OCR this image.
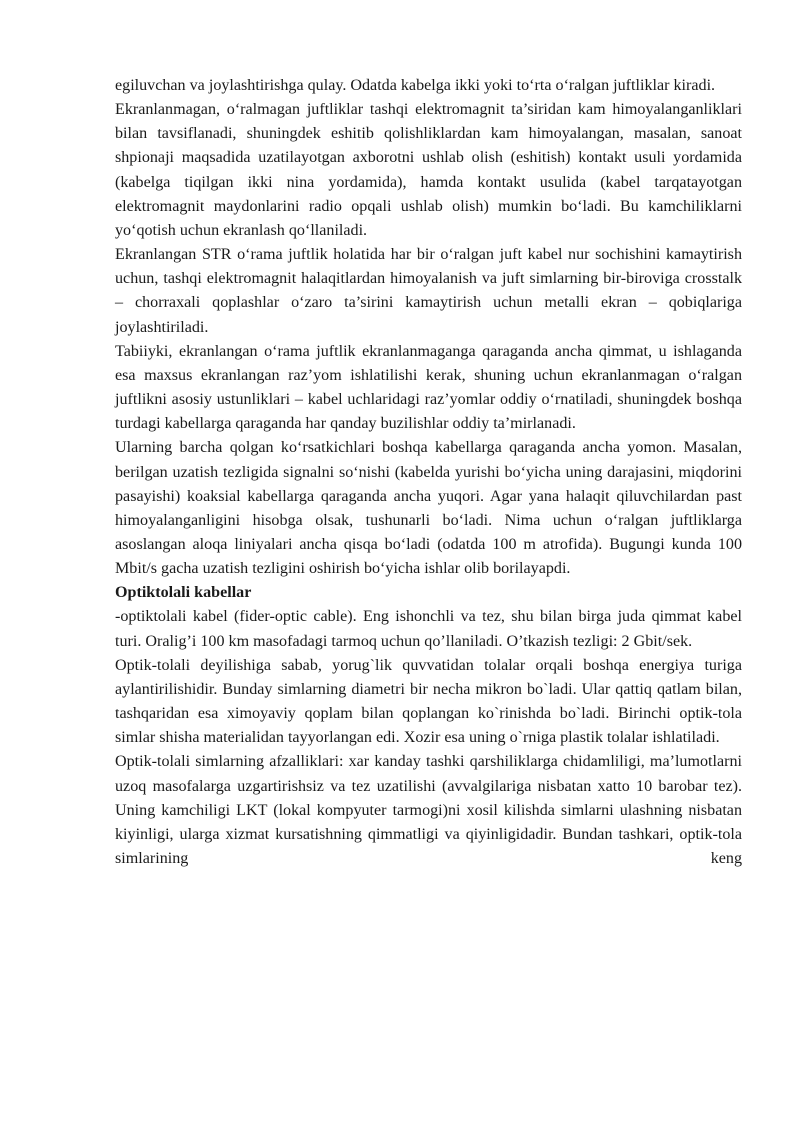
egiluvchan va joylashtirishga qulay. Odatda kabelga ikki yoki to‘rta o‘ralgan juftliklar kiradi.

Ekranlanmagan, o‘ralmagan juftliklar tashqi elektromagnit ta’siridan kam himoyalanganliklari bilan tavsiflanadi, shuningdek eshitib qolishliklardan kam himoyalangan, masalan, sanoat shpionaji maqsadida uzatilayotgan axborotni ushlab olish (eshitish) kontakt usuli yordamida (kabelga tiqilgan ikki nina yordamida), hamda kontakt usulida (kabel tarqatayotgan elektromagnit maydonlarini radio opqali ushlab olish) mumkin bo‘ladi. Bu kamchiliklarni yo‘qotish uchun ekranlash qo‘llaniladi.

Ekranlangan STR o‘rama juftlik holatida har bir o‘ralgan juft kabel nur sochishini kamaytirish uchun, tashqi elektromagnit halaqitlardan himoyalanish va juft simlarning bir-biroviga crosstalk – chorraxali qoplashlar o‘zaro ta’sirini kamaytirish uchun metalli ekran – qobiqlariga joylashtiriladi.

Tabiiyki, ekranlangan o‘rama juftlik ekranlanmaganga qaraganda ancha qimmat, u ishlaganda esa maxsus ekranlangan raz’yom ishlatilishi kerak, shuning uchun ekranlanmagan o‘ralgan juftlikni asosiy ustunliklari – kabel uchlaridagi raz’yomlar oddiy o‘rnatiladi, shuningdek boshqa turdagi kabellarga qaraganda har qanday buzilishlar oddiy ta’mirlanadi.

Ularning barcha qolgan ko‘rsatkichlari boshqa kabellarga qaraganda ancha yomon. Masalan, berilgan uzatish tezligida signalni so‘nishi (kabelda yurishi bo‘yicha uning darajasini, miqdorini pasayishi) koaksial kabellarga qaraganda ancha yuqori. Agar yana halaqit qiluvchilardan past himoyalanganligini hisobga olsak, tushunarli bo‘ladi. Nima uchun o‘ralgan juftliklarga asoslangan aloqa liniyalari ancha qisqa bo‘ladi (odatda 100 m atrofida). Bugungi kunda 100 Mbit/s gacha uzatish tezligini oshirish bo‘yicha ishlar olib borilayapdi.

Optiktolali kabellar

-optiktolali kabel (fider-optic cable). Eng ishonchli va tez, shu bilan birga juda qimmat kabel turi. Oralig’i 100 km masofadagi tarmoq uchun qo’llaniladi. O’tkazish tezligi: 2 Gbit/sek.

Optik-tolali deyilishiga sabab, yorug`lik quvvatidan tolalar orqali boshqa energiya turiga aylantirilishidir. Bunday simlarning diametri bir necha mikron bo`ladi. Ular qattiq qatlam bilan, tashqaridan esa ximoyaviy qoplam bilan qoplangan ko`rinishda bo`ladi. Birinchi optik-tola simlar shisha materialidan tayyorlangan edi. Xozir esa uning o`rniga plastik tolalar ishlatiladi.

Optik-tolali simlarning afzalliklari: xar kanday tashki qarshiliklarga chidamliligi, ma’lumotlarni uzoq masofalarga uzgartirishsiz va tez uzatilishi (avvalgilariga nisbatan xatto 10 barobar tez). Uning kamchiligi LKT (lokal kompyuter tarmogi)ni xosil kilishda simlarni ulashning nisbatan kiyinligi, ularga xizmat kursatishning qimmatligi va qiyinligidadir. Bundan tashkari, optik-tola simlarining keng
